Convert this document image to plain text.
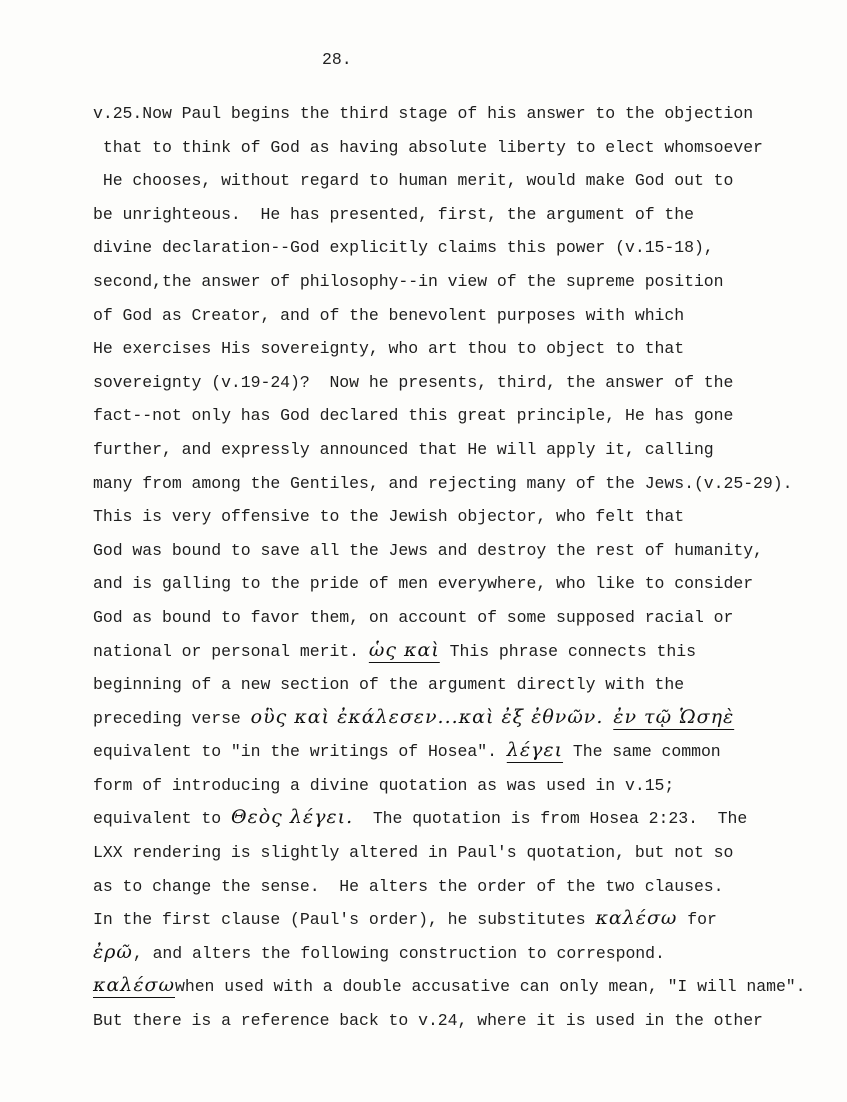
28.
v.25.Now Paul begins the third stage of his answer to the objection
that to think of God as having absolute liberty to elect whomsoever
He chooses, without regard to human merit, would make God out to
be unrighteous.  He has presented, first, the argument of the
divine declaration--God explicitly claims this power (v.15-18),
second,the answer of philosophy--in view of the supreme position
of God as Creator, and of the benevolent purposes with which
He exercises His sovereignty, who art thou to object to that
sovereignty (v.19-24)?  Now he presents, third, the answer of the
fact--not only has God declared this great principle, He has gone
further, and expressly announced that He will apply it, calling
many from among the Gentiles, and rejecting many of the Jews.(v.25-29).
This is very offensive to the Jewish objector, who felt that
God was bound to save all the Jews and destroy the rest of humanity,
and is galling to the pride of men everywhere, who like to consider
God as bound to favor them, on account of some supposed racial or
national or personal merit. ὡς καὶ This phrase connects this
beginning of a new section of the argument directly with the
preceding verse οὓς καὶ ἐκάλεσεν...καὶ ἐξ ἐθνῶν. ἐν τῷ Ὡσηὲ
equivalent to "in the writings of Hosea". λέγει The same common
form of introducing a divine quotation as was used in v.15;
equivalent to Θεὸς λέγει.  The quotation is from Hosea 2:23.  The
LXX rendering is slightly altered in Paul's quotation, but not so
as to change the sense.  He alters the order of the two clauses.
In the first clause (Paul's order), he substitutes καλέσω for
ἐρῶ, and alters the following construction to correspond.
καλέσωwhen used with a double accusative can only mean, "I will name".
But there is a reference back to v.24, where it is used in the other
